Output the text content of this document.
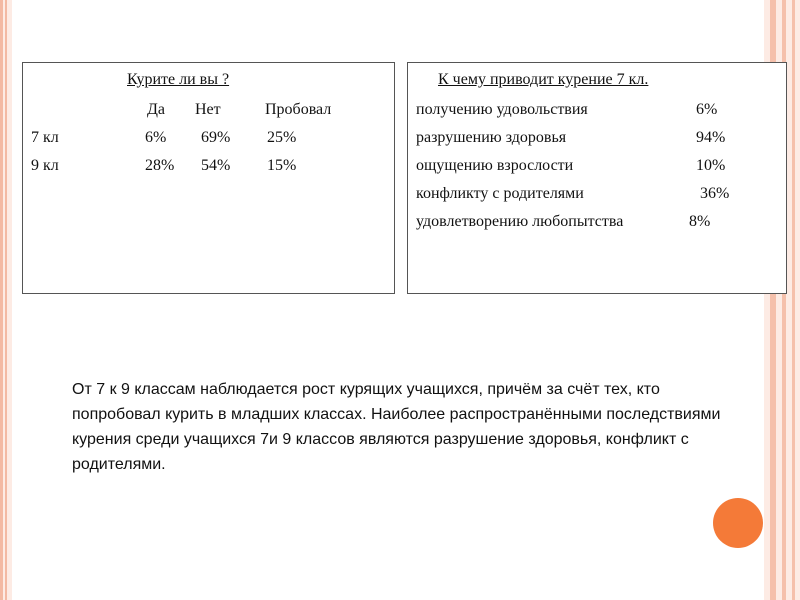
Курите ли вы ?
Да Нет	Пробовал
7 кл	6% 69% 25%
9 кл	28% 54% 15%
К чему приводит курение 7 кл.
получению удовольствия	6%
разрушению здоровья	94%
ощущению взрослости	10%
конфликту с родителями	36%
удовлетворению любопытства	8%
От 7 к 9 классам наблюдается рост курящих учащихся, причём за счёт тех, кто попробовал курить в младших классах. Наиболее распространёнными последствиями курения среди учащихся 7и 9 классов являются разрушение здоровья, конфликт с родителями.
